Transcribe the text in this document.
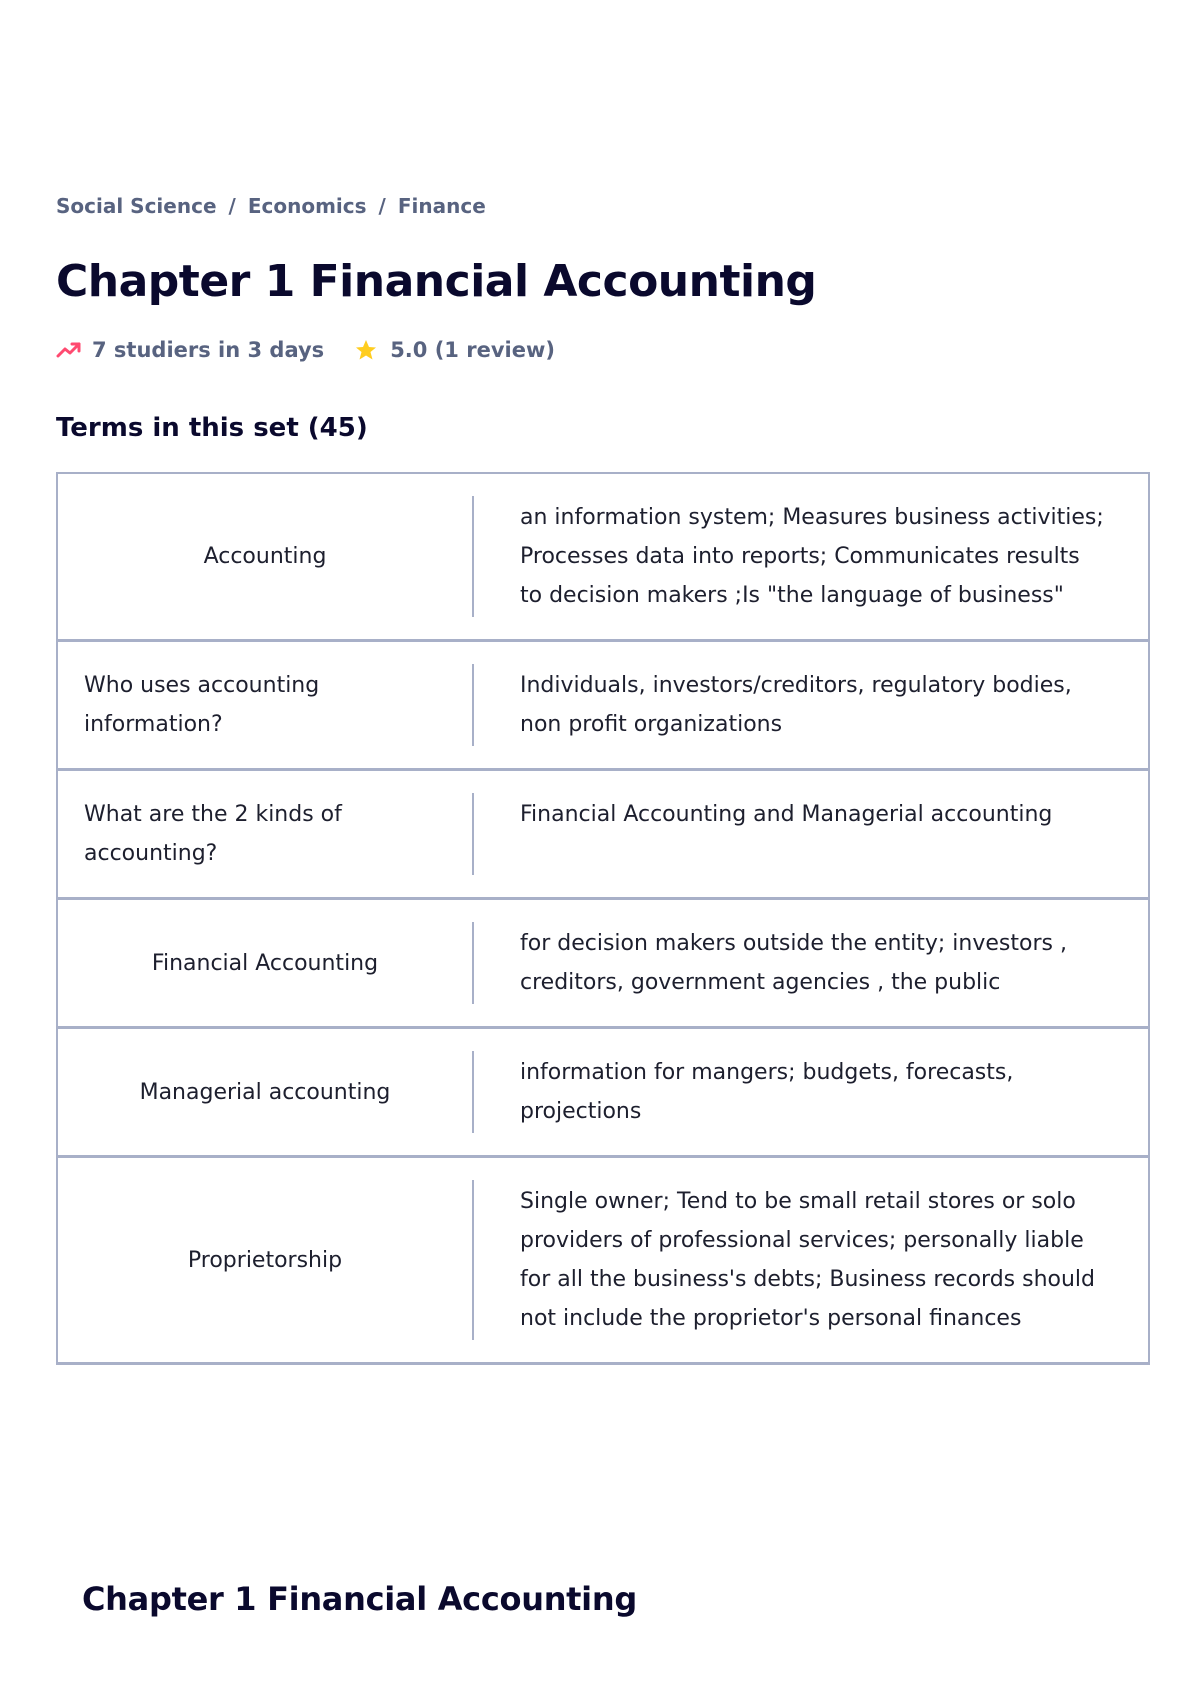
Social Science / Economics / Finance
Chapter 1 Financial Accounting
7 studiers in 3 days	5.0 (1 review)
Terms in this set (45)
Accounting
an information system; Measures business activities; Processes data into reports; Communicates results to decision makers ;Is "the language of business"
Who uses accounting information?
Individuals, investors/creditors, regulatory bodies, non profit organizations
What are the 2 kinds of accounting?
Financial Accounting and Managerial accounting
Financial Accounting
for decision makers outside the entity; investors , creditors, government agencies , the public
Managerial accounting
information for mangers; budgets, forecasts, projections
Proprietorship
Single owner; Tend to be small retail stores or solo providers of professional services; personally liable for all the business's debts; Business records should not include the proprietor's personal finances
Chapter 1 Financial Accounting
